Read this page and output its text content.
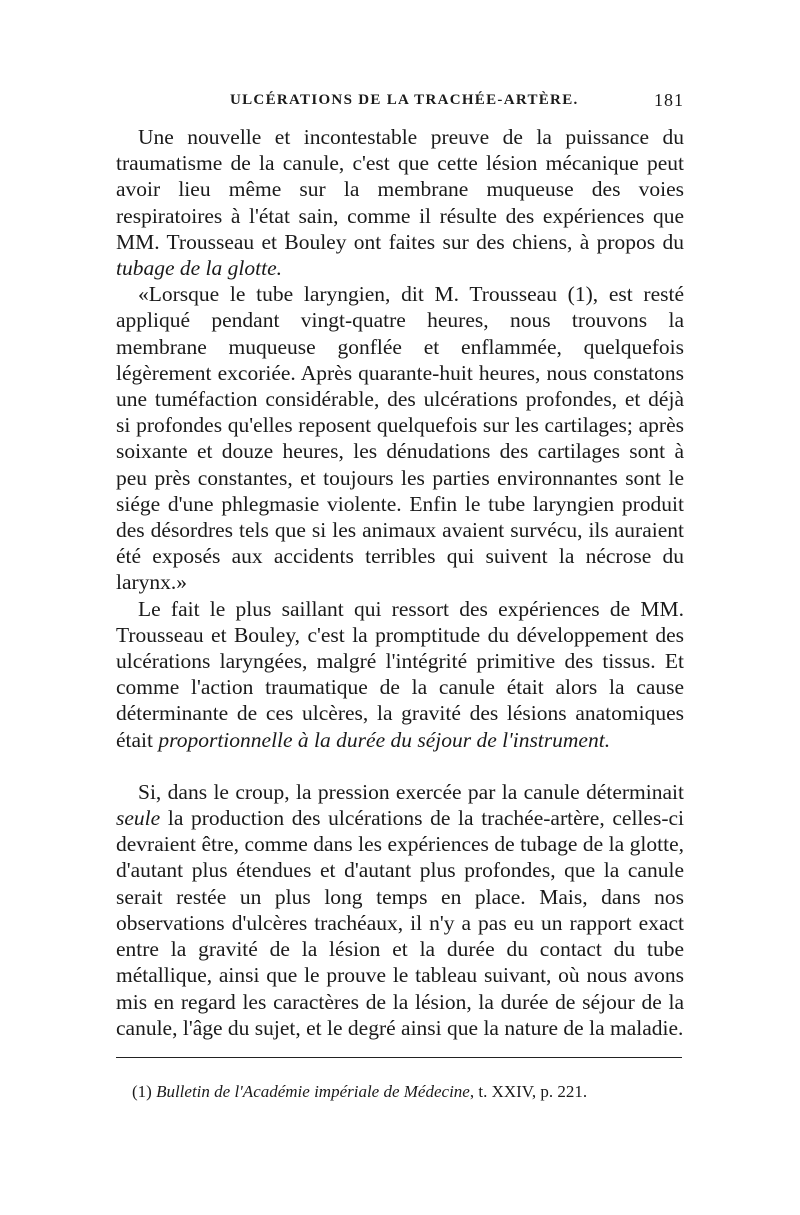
ULCÉRATIONS DE LA TRACHÉE-ARTÈRE.	181

Une nouvelle et incontestable preuve de la puissance du traumatisme de la canule, c'est que cette lésion mécanique peut avoir lieu même sur la membrane muqueuse des voies respiratoires à l'état sain, comme il résulte des expériences que MM. Trousseau et Bouley ont faites sur des chiens, à propos du tubage de la glotte.

«Lorsque le tube laryngien, dit M. Trousseau (1), est resté appliqué pendant vingt-quatre heures, nous trouvons la membrane muqueuse gonflée et enflammée, quelquefois légèrement excoriée. Après quarante-huit heures, nous constatons une tuméfaction considérable, des ulcérations profondes, et déjà si profondes qu'elles reposent quelquefois sur les cartilages; après soixante et douze heures, les dénudations des cartilages sont à peu près constantes, et toujours les parties environnantes sont le siége d'une phlegmasie violente. Enfin le tube laryngien produit des désordres tels que si les animaux avaient survécu, ils auraient été exposés aux accidents terribles qui suivent la nécrose du larynx.»

Le fait le plus saillant qui ressort des expériences de MM. Trousseau et Bouley, c'est la promptitude du développement des ulcérations laryngées, malgré l'intégrité primitive des tissus. Et comme l'action traumatique de la canule était alors la cause déterminante de ces ulcères, la gravité des lésions anatomiques était proportionnelle à la durée du séjour de l'instrument.

Si, dans le croup, la pression exercée par la canule déterminait seule la production des ulcérations de la trachée-artère, celles-ci devraient être, comme dans les expériences de tubage de la glotte, d'autant plus étendues et d'autant plus profondes, que la canule serait restée un plus long temps en place. Mais, dans nos observations d'ulcères trachéaux, il n'y a pas eu un rapport exact entre la gravité de la lésion et la durée du contact du tube métallique, ainsi que le prouve le tableau suivant, où nous avons mis en regard les caractères de la lésion, la durée de séjour de la canule, l'âge du sujet, et le degré ainsi que la nature de la maladie.

(1) Bulletin de l'Académie impériale de Médecine, t. XXIV, p. 221.
